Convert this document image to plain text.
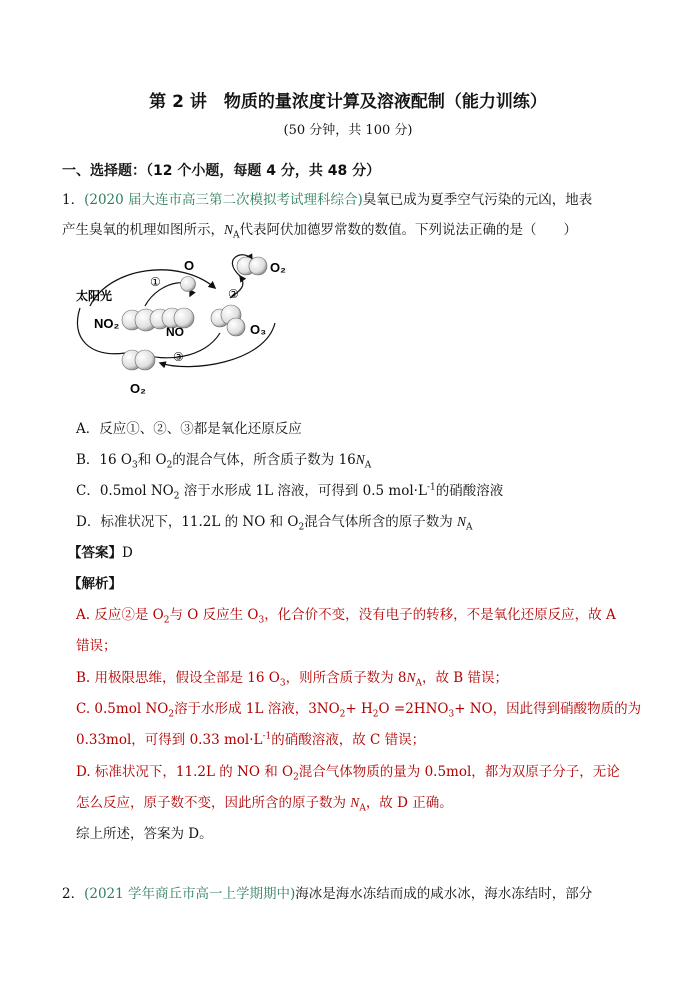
第 2 讲　物质的量浓度计算及溶液配制（能力训练）
(50 分钟，共 100 分)
一、选择题：（12 个小题，每题 4 分，共 48 分）
1．(2020 届大连市高三第二次模拟考试理科综合)臭氧已成为夏季空气污染的元凶，地表
产生臭氧的机理如图所示，$N_A$代表阿伏加德罗常数的数值。下列说法正确的是（　　）
O	O₂
太阳光
NO₂
NO	O₃
O₂
①
②
③
A．反应①、②、③都是氧化还原反应
B．16 $O_3$和 $O_2$的混合气体，所含质子数为 $16N_A$
C．0.5mol $NO_2$ 溶于水形成 1L 溶液，可得到 0.5 $mol\cdot L^{-1}$的硝酸溶液
D．标准状况下，11.2L 的 NO 和 $O_2$混合气体所含的原子数为 $N_A$
【答案】D
【解析】
A. 反应②是 $O_2$与 O 反应生 $O_3$，化合价不变，没有电子的转移，不是氧化还原反应，故 A
错误；
B. 用极限思维，假设全部是 16 $O_3$，则所含质子数为 $8N_A$，故 B 错误；
C. 0.5mol $NO_2$溶于水形成 1L 溶液，$3NO_2+ H_2O =2HNO_3+$ NO，因此得到硝酸物质的为
0.33mol，可得到 0.33 $mol\cdot L^{-1}$的硝酸溶液，故 C 错误；
D. 标准状况下，11.2L 的 NO 和 $O_2$混合气体物质的量为 0.5mol，都为双原子分子，无论
怎么反应，原子数不变，因此所含的原子数为 $N_A$，故 D 正确。
综上所述，答案为 D。
2．(2021 学年商丘市高一上学期期中)海冰是海水冻结而成的咸水冰，海水冻结时，部分
